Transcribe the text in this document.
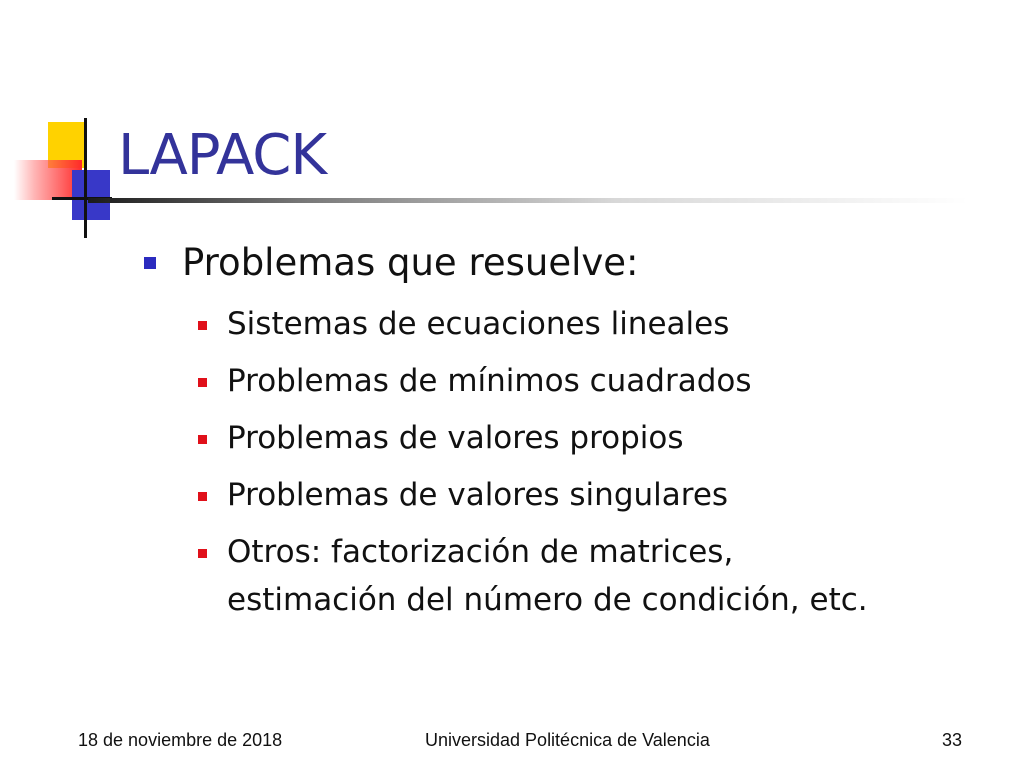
LAPACK
Problemas que resuelve:
Sistemas de ecuaciones lineales
Problemas de mínimos cuadrados
Problemas de valores propios
Problemas de valores singulares
Otros: factorización de matrices,
estimación del número de condición, etc.
18 de noviembre de 2018	Universidad Politécnica de Valencia	33
